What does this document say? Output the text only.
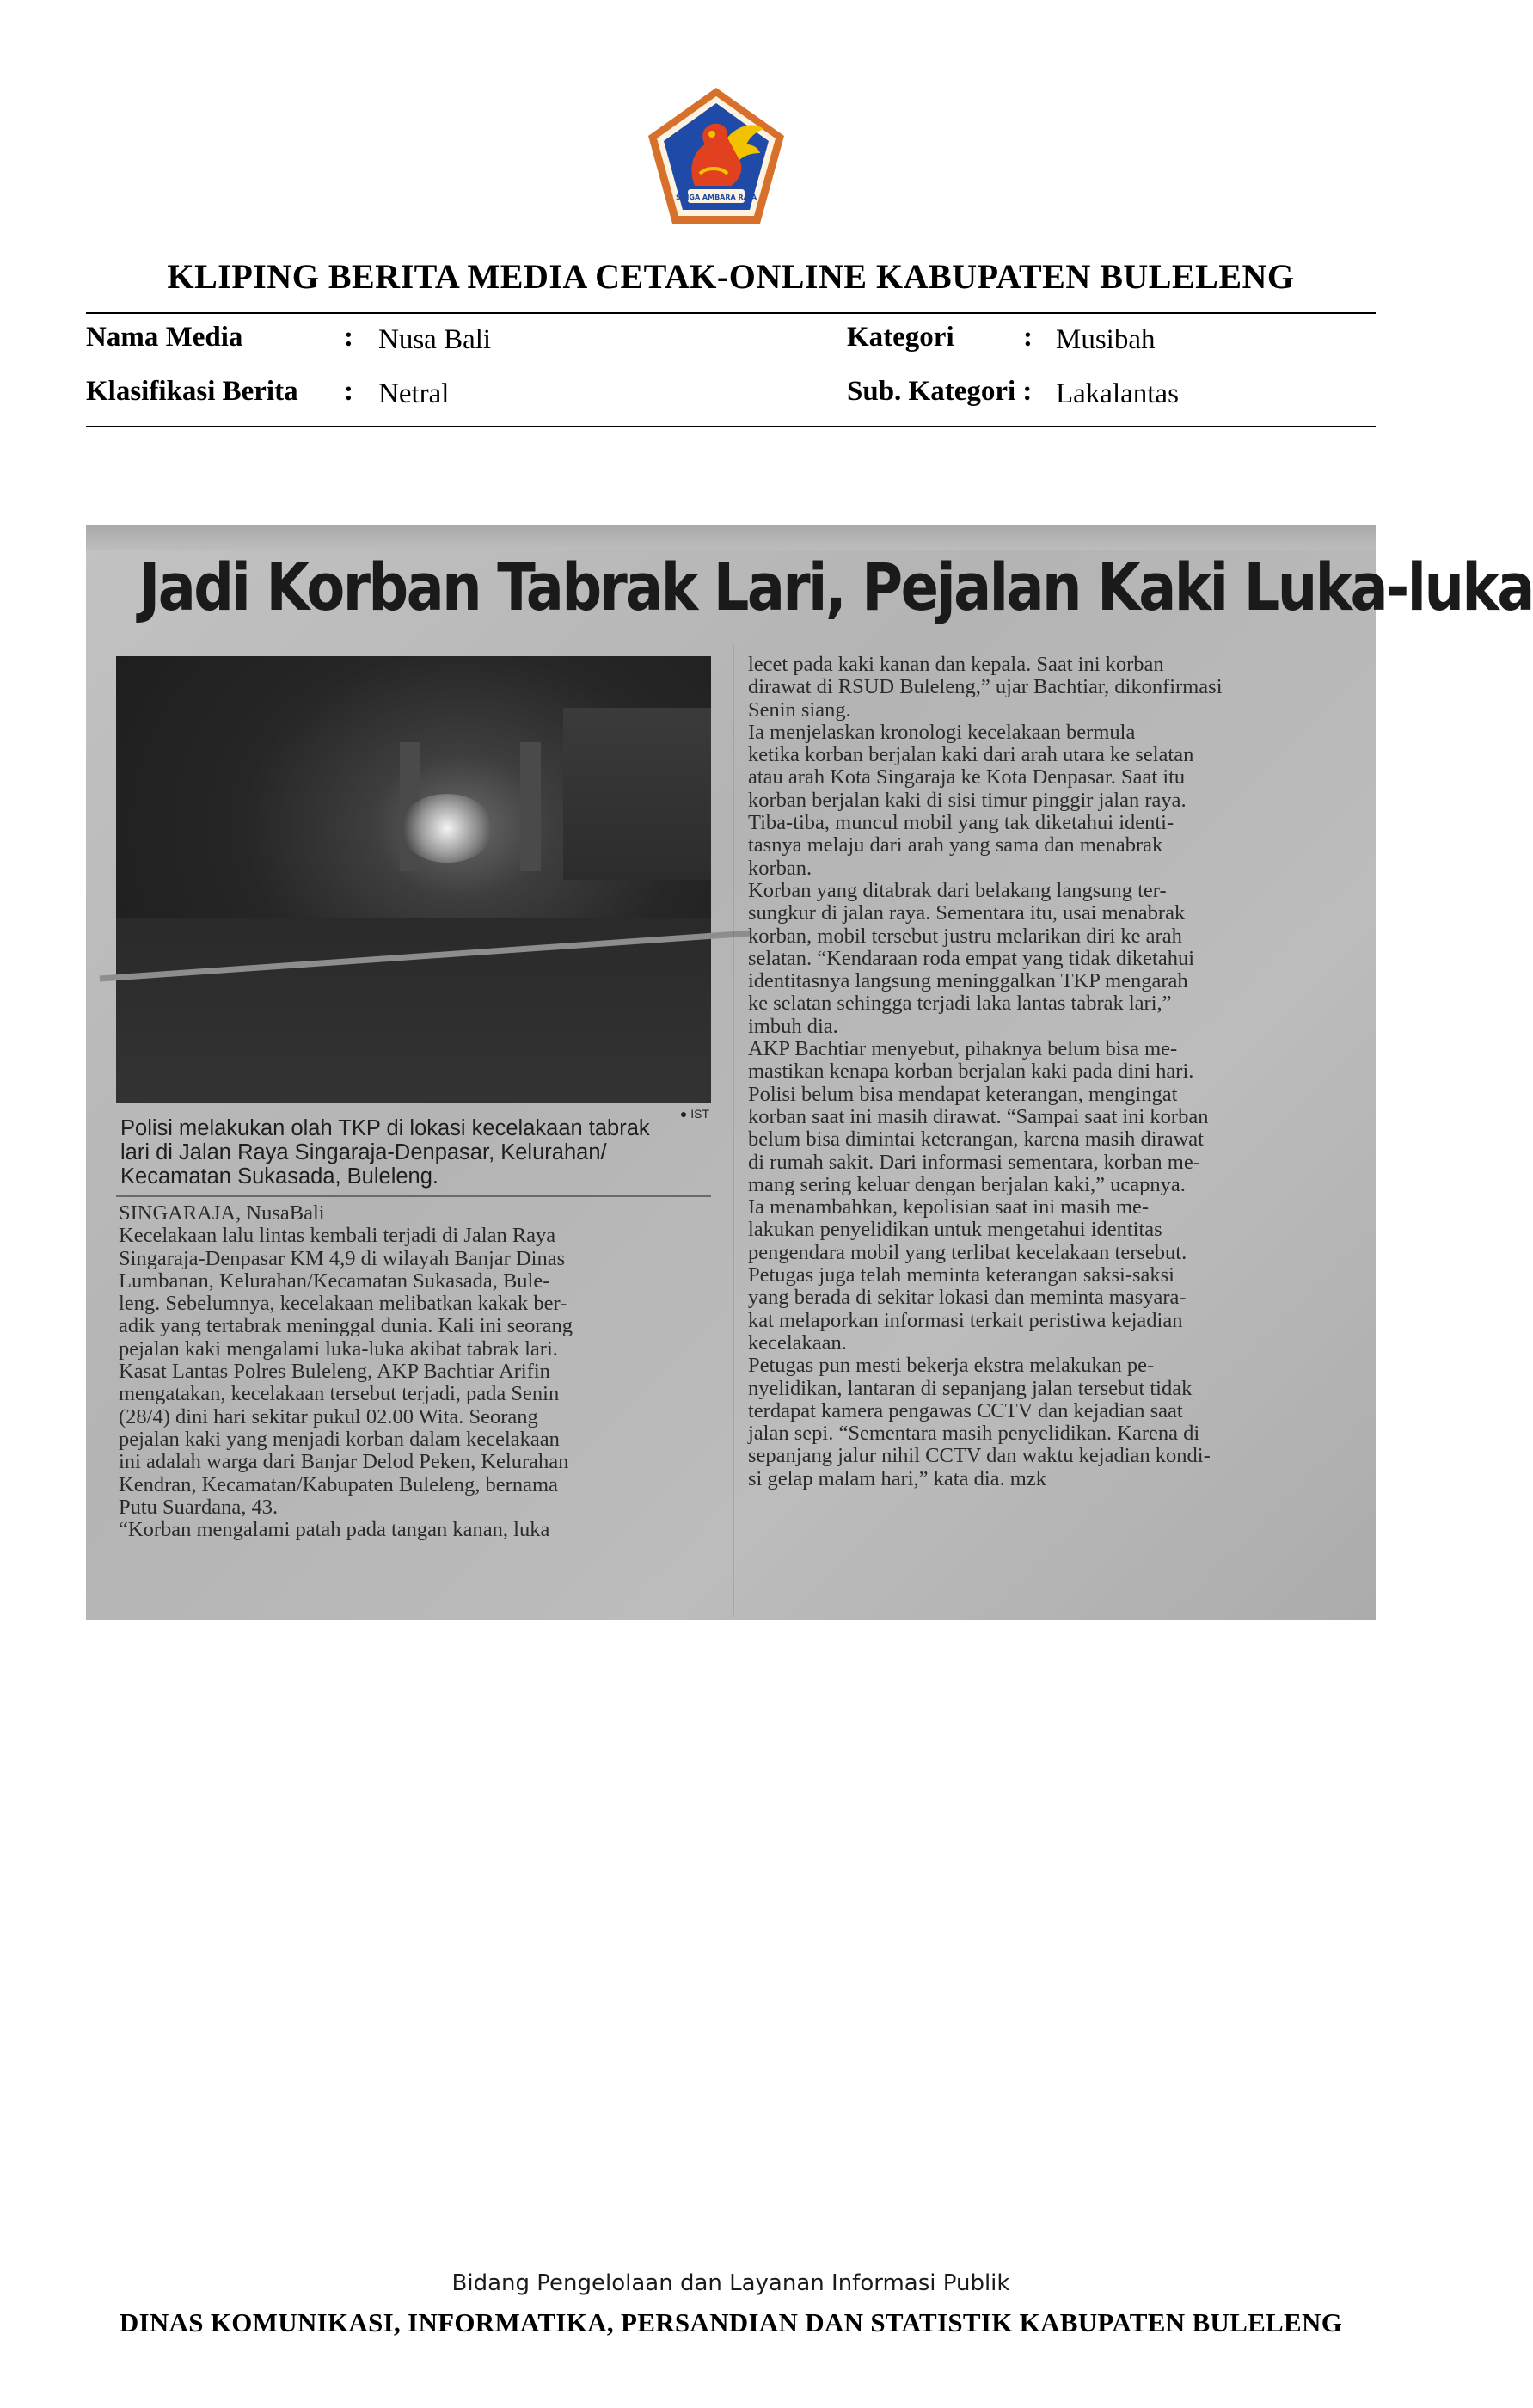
SINGA AMBARA RAJA
KLIPING BERITA MEDIA CETAK-ONLINE KABUPATEN BULELENG
Nama Media	: Nusa Bali
Klasifikasi Berita : Netral
Kategori : Musibah
Sub. Kategori : Lakalantas
Jadi Korban Tabrak Lari, Pejalan Kaki Luka-luka
● IST
Polisi melakukan olah TKP di lokasi kecelakaan tabrak
lari di Jalan Raya Singaraja-Denpasar, Kelurahan/
Kecamatan Sukasada, Buleleng.
SINGARAJA, NusaBali
Kecelakaan lalu lintas kembali terjadi di Jalan Raya
Singaraja-Denpasar KM 4,9 di wilayah Banjar Dinas
Lumbanan, Kelurahan/Kecamatan Sukasada, Bule-
leng. Sebelumnya, kecelakaan melibatkan kakak ber-
adik yang tertabrak meninggal dunia. Kali ini seorang
pejalan kaki mengalami luka-luka akibat tabrak lari.
Kasat Lantas Polres Buleleng, AKP Bachtiar Arifin
mengatakan, kecelakaan tersebut terjadi, pada Senin
(28/4) dini hari sekitar pukul 02.00 Wita. Seorang
pejalan kaki yang menjadi korban dalam kecelakaan
ini adalah warga dari Banjar Delod Peken, Kelurahan
Kendran, Kecamatan/Kabupaten Buleleng, bernama
Putu Suardana, 43.
“Korban mengalami patah pada tangan kanan, luka
lecet pada kaki kanan dan kepala. Saat ini korban
dirawat di RSUD Buleleng,” ujar Bachtiar, dikonfirmasi
Senin siang.
Ia menjelaskan kronologi kecelakaan bermula
ketika korban berjalan kaki dari arah utara ke selatan
atau arah Kota Singaraja ke Kota Denpasar. Saat itu
korban berjalan kaki di sisi timur pinggir jalan raya.
Tiba-tiba, muncul mobil yang tak diketahui identi-
tasnya melaju dari arah yang sama dan menabrak
korban.
Korban yang ditabrak dari belakang langsung ter-
sungkur di jalan raya. Sementara itu, usai menabrak
korban, mobil tersebut justru melarikan diri ke arah
selatan. “Kendaraan roda empat yang tidak diketahui
identitasnya langsung meninggalkan TKP mengarah
ke selatan sehingga terjadi laka lantas tabrak lari,”
imbuh dia.
AKP Bachtiar menyebut, pihaknya belum bisa me-
mastikan kenapa korban berjalan kaki pada dini hari.
Polisi belum bisa mendapat keterangan, mengingat
korban saat ini masih dirawat. “Sampai saat ini korban
belum bisa dimintai keterangan, karena masih dirawat
di rumah sakit. Dari informasi sementara, korban me-
mang sering keluar dengan berjalan kaki,” ucapnya.
Ia menambahkan, kepolisian saat ini masih me-
lakukan penyelidikan untuk mengetahui identitas
pengendara mobil yang terlibat kecelakaan tersebut.
Petugas juga telah meminta keterangan saksi-saksi
yang berada di sekitar lokasi dan meminta masyara-
kat melaporkan informasi terkait peristiwa kejadian
kecelakaan.
Petugas pun mesti bekerja ekstra melakukan pe-
nyelidikan, lantaran di sepanjang jalan tersebut tidak
terdapat kamera pengawas CCTV dan kejadian saat
jalan sepi. “Sementara masih penyelidikan. Karena di
sepanjang jalur nihil CCTV dan waktu kejadian kondi-
si gelap malam hari,” kata dia. mzk
Bidang Pengelolaan dan Layanan Informasi Publik
DINAS KOMUNIKASI, INFORMATIKA, PERSANDIAN DAN STATISTIK KABUPATEN BULELENG
